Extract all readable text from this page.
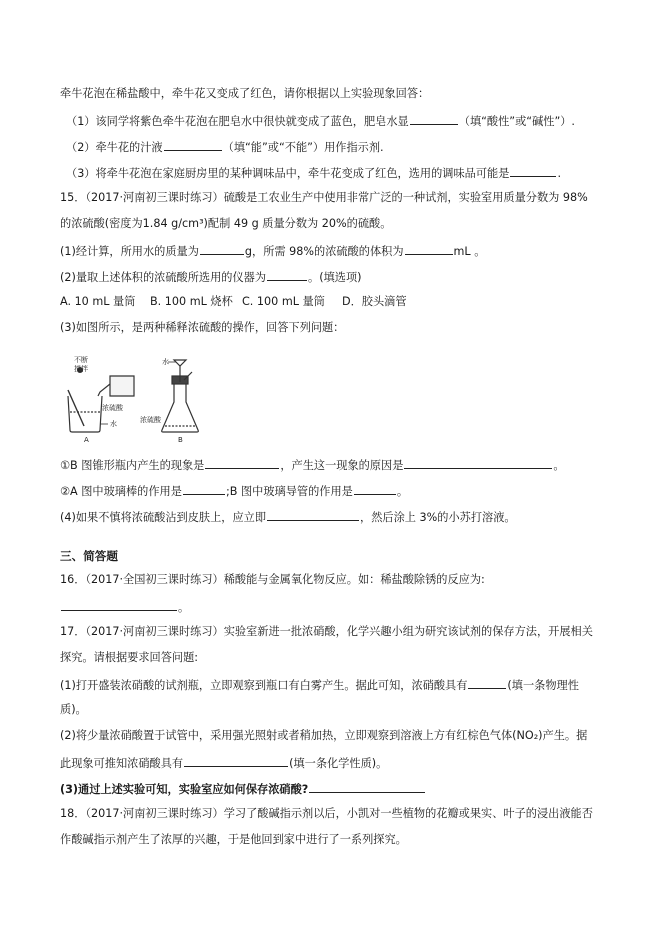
牵牛花泡在稀盐酸中，牵牛花又变成了红色，请你根据以上实验现象回答：
（1）该同学将紫色牵牛花泡在肥皂水中很快就变成了蓝色，肥皂水显	（填“酸性”或“碱性”）.
（2）牵牛花的汁液	（填“能”或“不能”）用作指示剂.
（3）将牵牛花泡在家庭厨房里的某种调味品中，牵牛花变成了红色，选用的调味品可能是	.
15．（2017·河南初三课时练习）硫酸是工农业生产中使用非常广泛的一种试剂，实验室用质量分数为 98%
的浓硫酸(密度为1.84 g/cm³)配制 49 g 质量分数为 20%的硫酸。
(1)经计算，所用水的质量为	g，所需 98%的浓硫酸的体积为	mL 。
(2)量取上述体积的浓硫酸所选用的仪器为	。(填选项)
A. 10 mL 量筒 B. 100 mL 烧杯 C. 100 mL 量筒 D．胶头滴管
(3)如图所示，是两种稀释浓硫酸的操作，回答下列问题：
不断
搅拌
浓硫酸
水
A
水
浓硫酸
B
①B 图锥形瓶内产生的现象是	，产生这一现象的原因是	。
②A 图中玻璃棒的作用是	;B 图中玻璃导管的作用是	。
(4)如果不慎将浓硫酸沾到皮肤上，应立即	，然后涂上 3%的小苏打溶液。
三、简答题
16．（2017·全国初三课时练习）稀酸能与金属氧化物反应。如：稀盐酸除锈的反应为:
。
17．（2017·河南初三课时练习）实验室新进一批浓硝酸，化学兴趣小组为研究该试剂的保存方法，开展相关
探究。请根据要求回答问题:
(1)打开盛装浓硝酸的试剂瓶，立即观察到瓶口有白雾产生。据此可知，浓硝酸具有	(填一条物理性
质)。
(2)将少量浓硝酸置于试管中，采用强光照射或者稍加热，立即观察到溶液上方有红棕色气体(NO₂)产生。据
此现象可推知浓硝酸具有	(填一条化学性质)。
(3)通过上述实验可知，实验室应如何保存浓硝酸?
18．（2017·河南初三课时练习）学习了酸碱指示剂以后，小凯对一些植物的花瓣或果实、叶子的浸出液能否
作酸碱指示剂产生了浓厚的兴趣，于是他回到家中进行了一系列探究。
